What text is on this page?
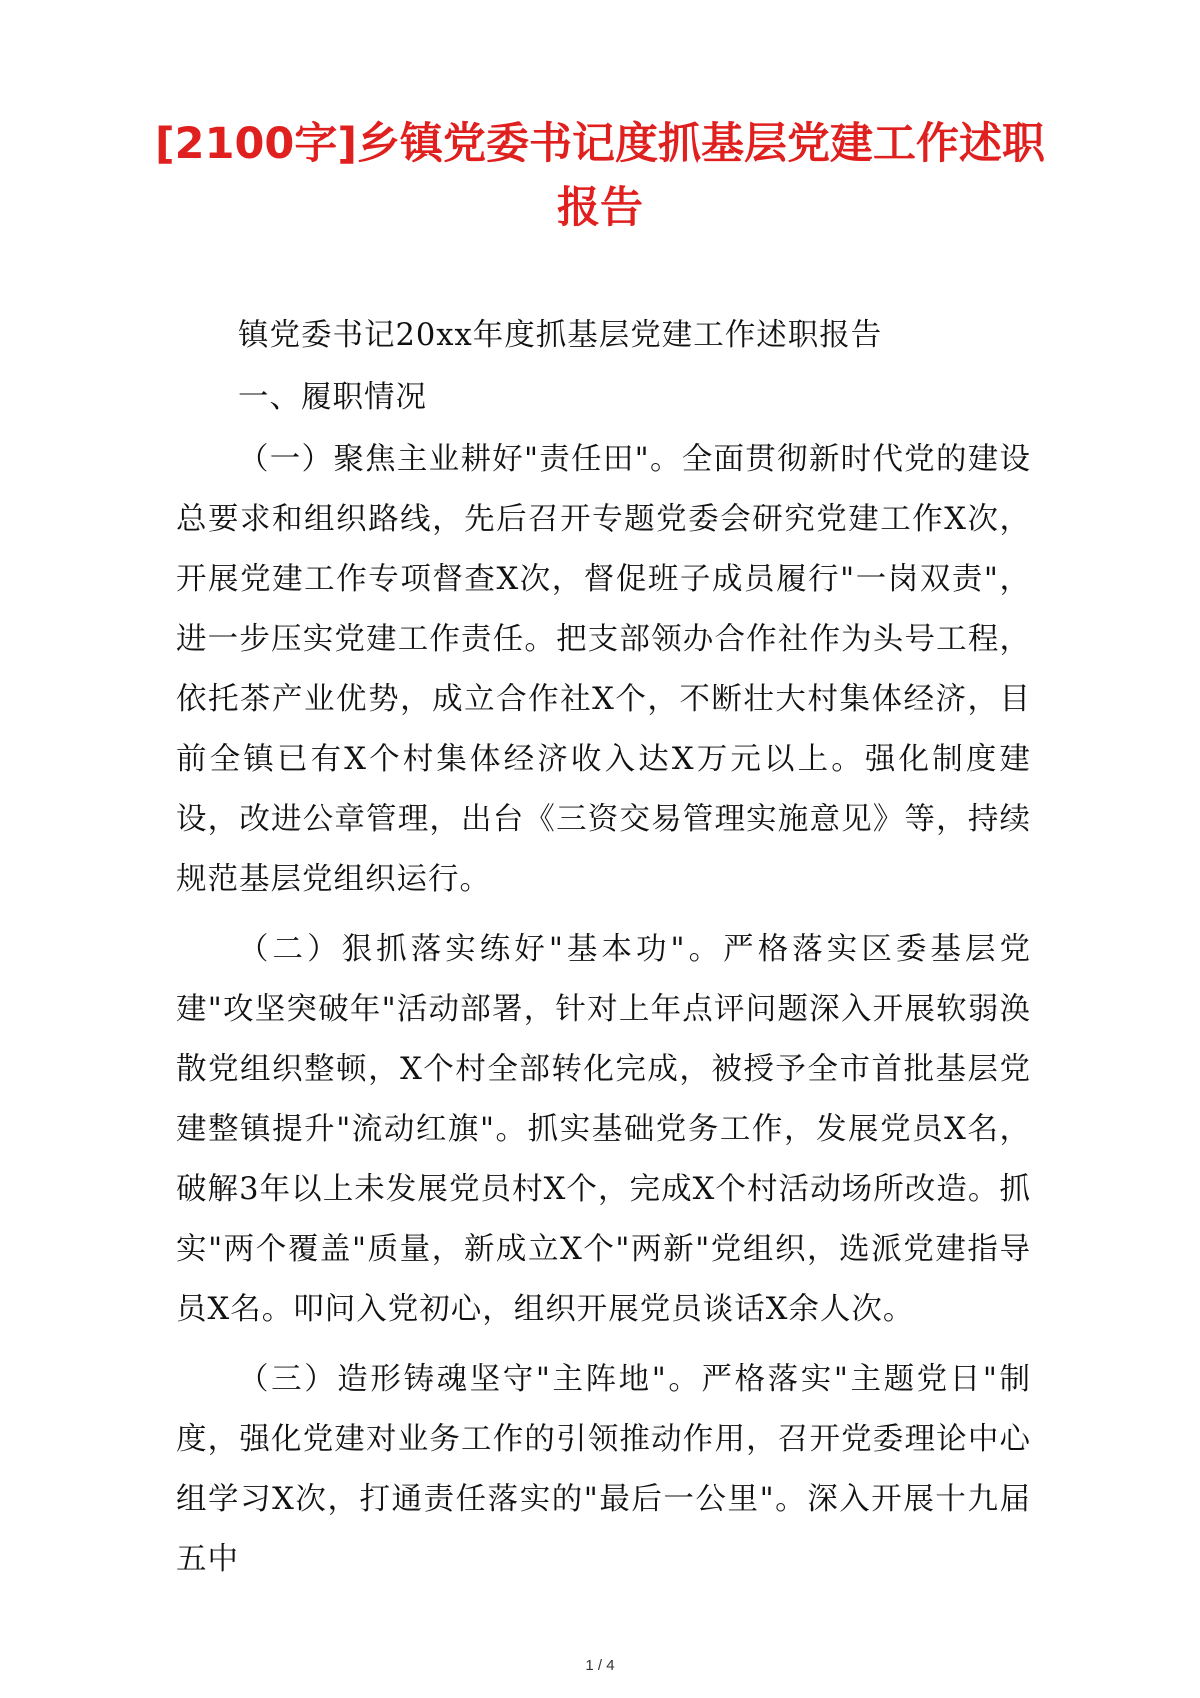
[2100字]乡镇党委书记度抓基层党建工作述职报告

镇党委书记20xx年度抓基层党建工作述职报告

一、履职情况

（一）聚焦主业耕好"责任田"。全面贯彻新时代党的建设总要求和组织路线，先后召开专题党委会研究党建工作X次，开展党建工作专项督查X次，督促班子成员履行"一岗双责"，进一步压实党建工作责任。把支部领办合作社作为头号工程，依托茶产业优势，成立合作社X个，不断壮大村集体经济，目前全镇已有X个村集体经济收入达X万元以上。强化制度建设，改进公章管理，出台《三资交易管理实施意见》等，持续规范基层党组织运行。

（二）狠抓落实练好"基本功"。严格落实区委基层党建"攻坚突破年"活动部署，针对上年点评问题深入开展软弱涣散党组织整顿，X个村全部转化完成，被授予全市首批基层党建整镇提升"流动红旗"。抓实基础党务工作，发展党员X名，破解3年以上未发展党员村X个，完成X个村活动场所改造。抓实"两个覆盖"质量，新成立X个"两新"党组织，选派党建指导员X名。叩问入党初心，组织开展党员谈话X余人次。

（三）造形铸魂坚守"主阵地"。严格落实"主题党日"制度，强化党建对业务工作的引领推动作用，召开党委理论中心组学习X次，打通责任落实的"最后一公里"。深入开展十九届五中

1 / 4
